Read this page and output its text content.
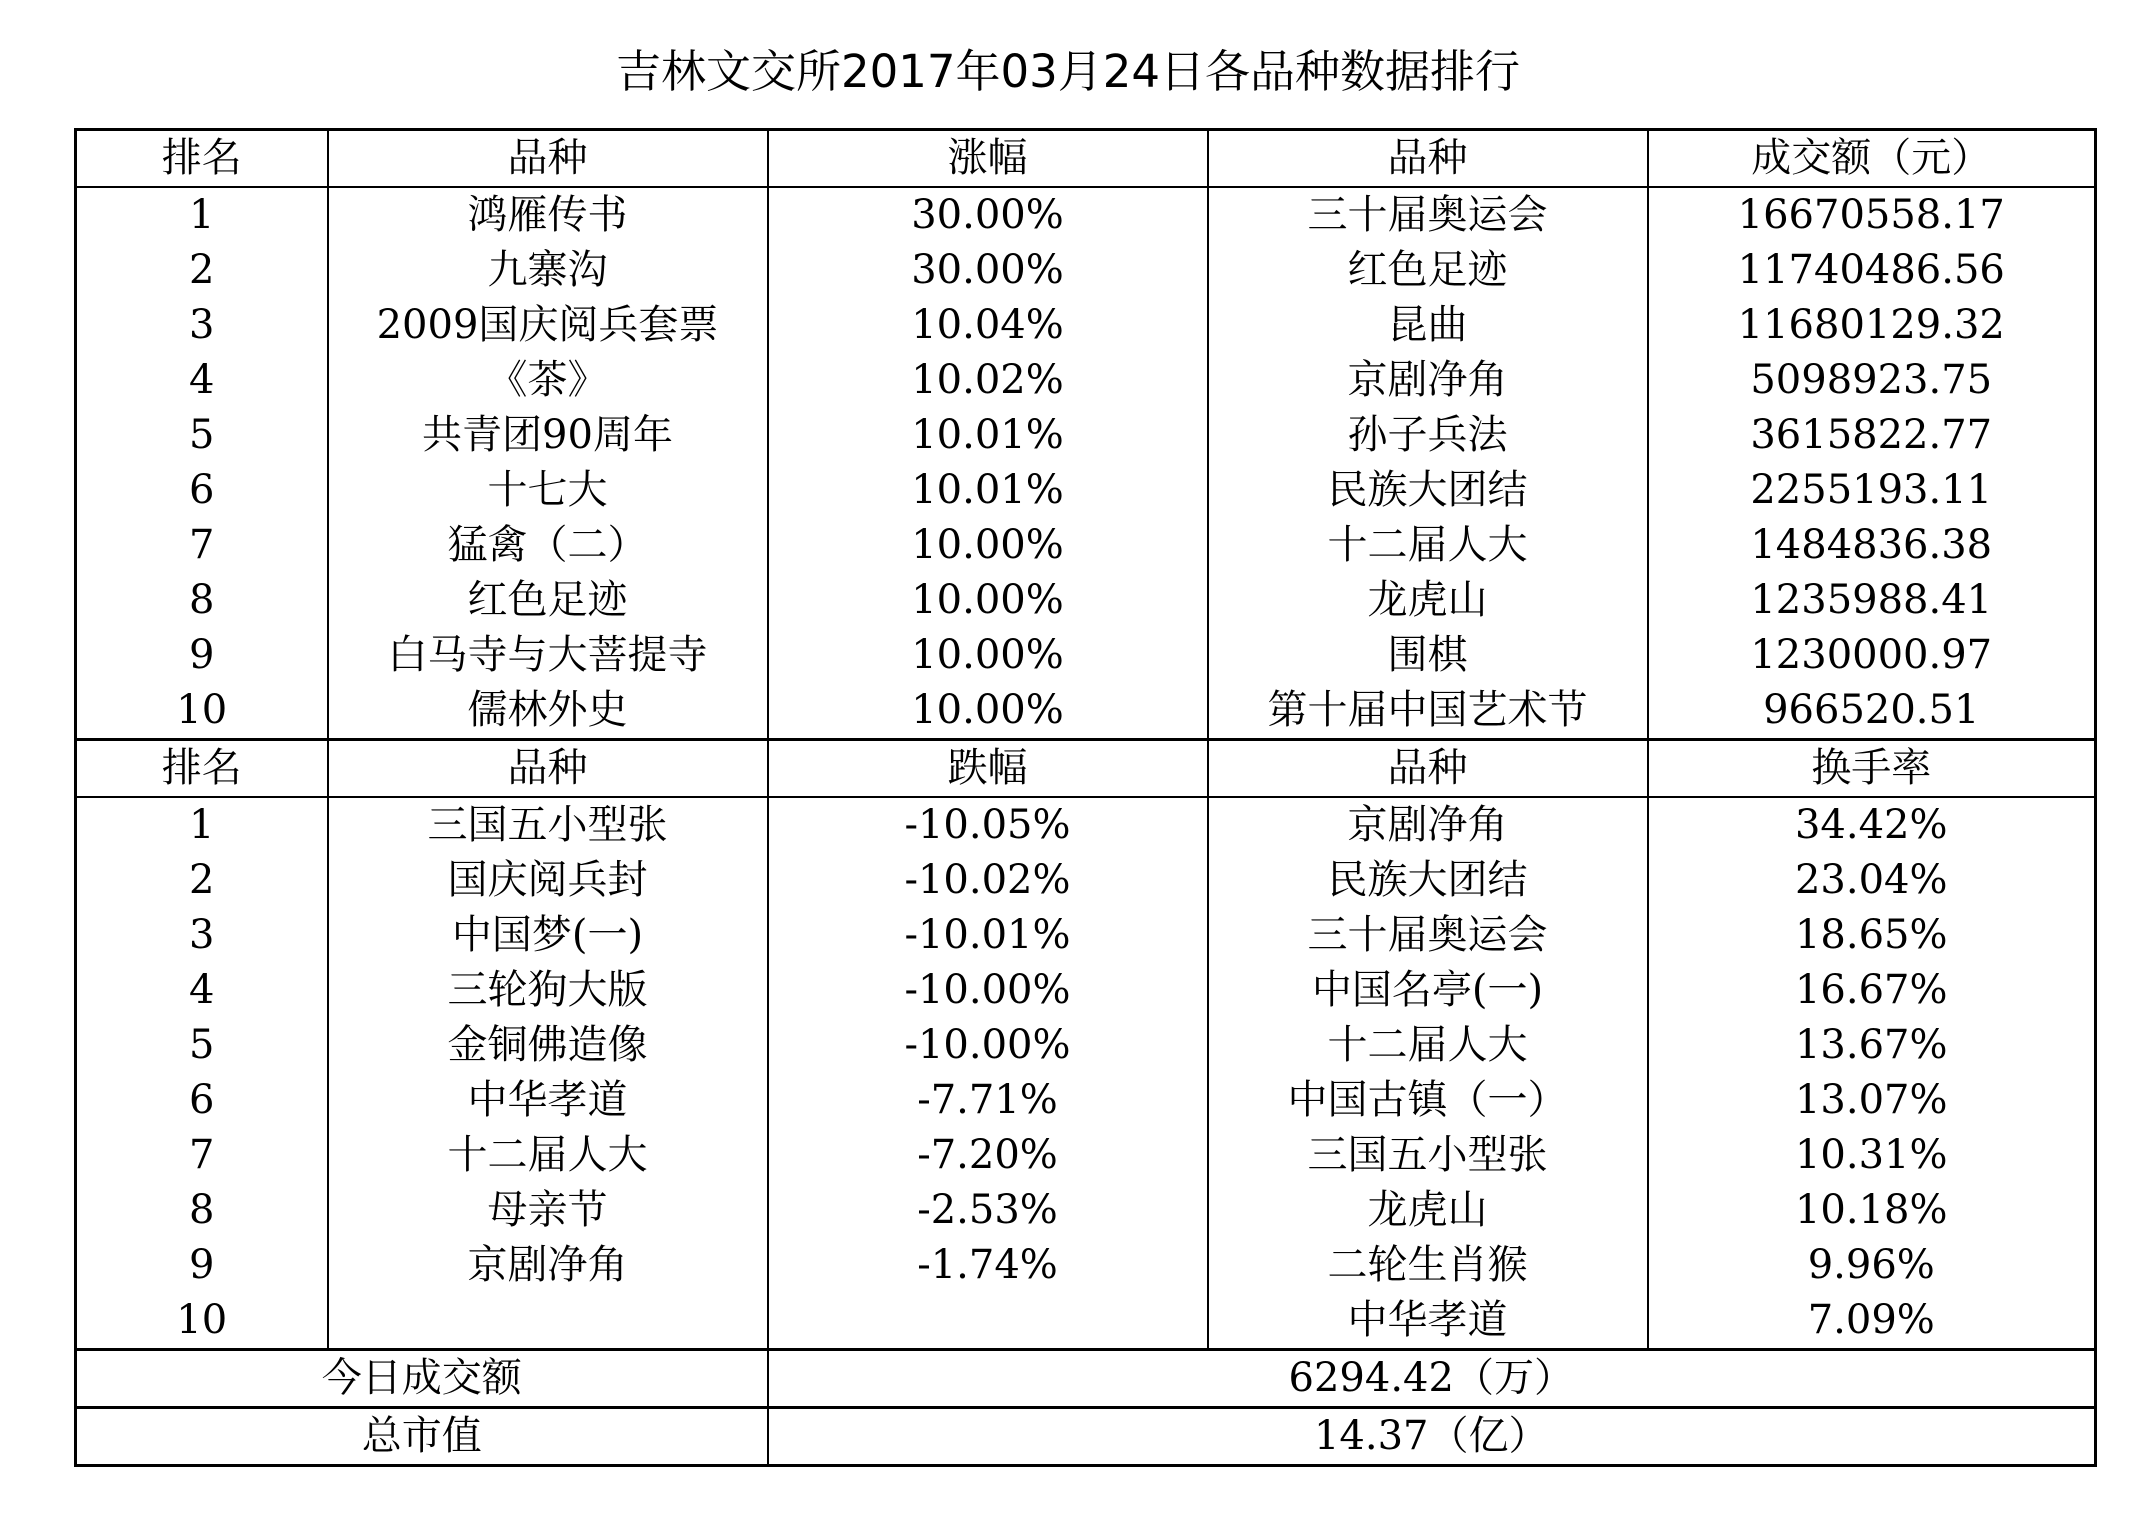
吉林文交所2017年03月24日各品种数据排行
排名	品种	涨幅	品种	成交额（元）
1	鸿雁传书	30.00%	三十届奥运会	16670558.17
2	九寨沟	30.00%	红色足迹	11740486.56
3	2009国庆阅兵套票	10.04%	昆曲	11680129.32
4	《茶》	10.02%	京剧净角	5098923.75
5	共青团90周年	10.01%	孙子兵法	3615822.77
6	十七大	10.01%	民族大团结	2255193.11
7	猛禽（二）	10.00%	十二届人大	1484836.38
8	红色足迹	10.00%	龙虎山	1235988.41
9	白马寺与大菩提寺	10.00%	围棋	1230000.97
10	儒林外史	10.00%	第十届中国艺术节	966520.51
排名	品种	跌幅	品种	换手率
1	三国五小型张	-10.05%	京剧净角	34.42%
2	国庆阅兵封	-10.02%	民族大团结	23.04%
3	中国梦(一)	-10.01%	三十届奥运会	18.65%
4	三轮狗大版	-10.00%	中国名亭(一)	16.67%
5	金铜佛造像	-10.00%	十二届人大	13.67%
6	中华孝道	-7.71%	中国古镇（一）	13.07%
7	十二届人大	-7.20%	三国五小型张	10.31%
8	母亲节	-2.53%	龙虎山	10.18%
9	京剧净角	-1.74%	二轮生肖猴	9.96%
10			中华孝道	7.09%
今日成交额		6294.42（万）		
总市值		14.37（亿）		
